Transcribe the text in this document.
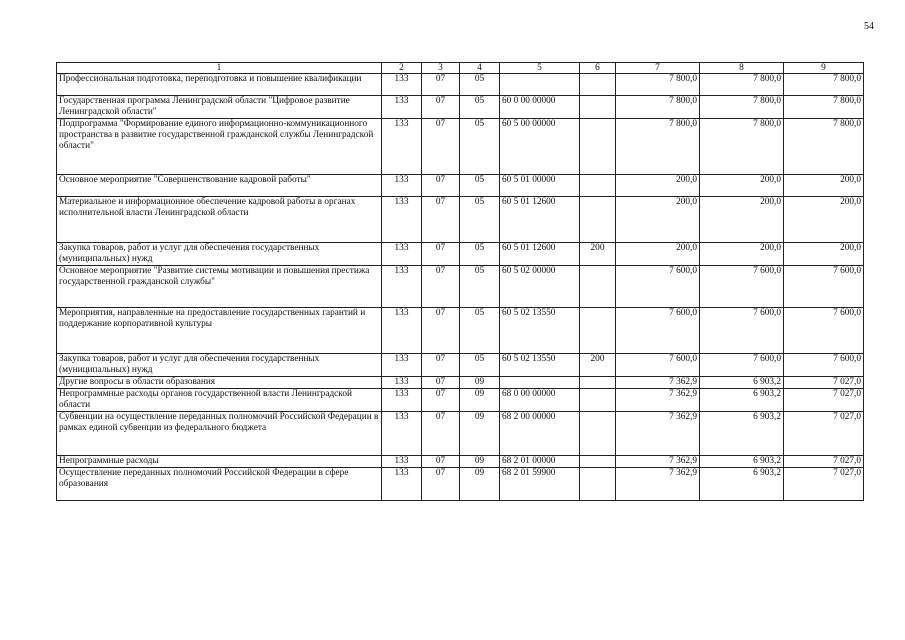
54
1	2	3	4	5	6	7	8	9
Профессиональная подготовка, переподготовка и повышение квалификации	133	07	05			7 800,0	7 800,0	7 800,0
Государственная программа Ленинградской области "Цифровое развитие Ленинградской области"	133	07	05	60 0 00 00000		7 800,0	7 800,0	7 800,0
Подпрограмма "Формирование единого информационно-коммуникационного пространства в развитие государственной гражданской службы Ленинградской области"	133	07	05	60 5 00 00000		7 800,0	7 800,0	7 800,0
Основное мероприятие "Совершенствование кадровой работы"	133	07	05	60 5 01 00000		200,0	200,0	200,0
Материальное и информационное обеспечение кадровой работы в органах исполнительной власти Ленинградской области	133	07	05	60 5 01 12600		200,0	200,0	200,0
Закупка товаров, работ и услуг для обеспечения государственных (муниципальных) нужд	133	07	05	60 5 01 12600	200	200,0	200,0	200,0
Основное мероприятие "Развитие системы мотивации и повышения престижа государственной гражданской службы"	133	07	05	60 5 02 00000		7 600,0	7 600,0	7 600,0
Мероприятия, направленные на предоставление государственных гарантий и поддержание корпоративной культуры	133	07	05	60 5 02 13550		7 600,0	7 600,0	7 600,0
Закупка товаров, работ и услуг для обеспечения государственных (муниципальных) нужд	133	07	05	60 5 02 13550	200	7 600,0	7 600,0	7 600,0
Другие вопросы в области образования	133	07	09			7 362,9	6 903,2	7 027,0
Непрограммные расходы органов государственной власти Ленинградской области	133	07	09	68 0 00 00000		7 362,9	6 903,2	7 027,0
Субвенции на осуществление переданных полномочий Российской Федерации в рамках единой субвенции из федерального бюджета	133	07	09	68 2 00 00000		7 362,9	6 903,2	7 027,0
Непрограммные расходы	133	07	09	68 2 01 00000		7 362,9	6 903,2	7 027,0
Осуществление переданных полномочий Российской Федерации в сфере образования	133	07	09	68 2 01 59900		7 362,9	6 903,2	7 027,0
